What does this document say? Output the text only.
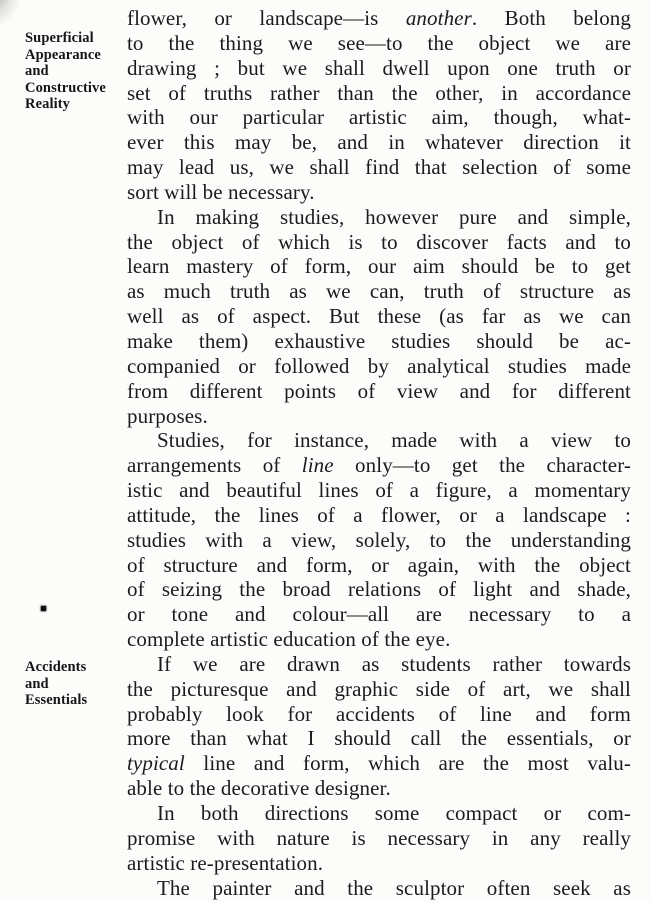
Superficial
Appearance
and
Constructive
Reality
Accidents
and
Essentials
flower, or landscape—is another. Both belong
to the thing we see—to the object we are
drawing ; but we shall dwell upon one truth or
set of truths rather than the other, in accordance
with our particular artistic aim, though, what-
ever this may be, and in whatever direction it
may lead us, we shall find that selection of some
sort will be necessary.
In making studies, however pure and simple,
the object of which is to discover facts and to
learn mastery of form, our aim should be to get
as much truth as we can, truth of structure as
well as of aspect. But these (as far as we can
make them) exhaustive studies should be ac-
companied or followed by analytical studies made
from different points of view and for different
purposes.
Studies, for instance, made with a view to
arrangements of line only—to get the character-
istic and beautiful lines of a figure, a momentary
attitude, the lines of a flower, or a landscape :
studies with a view, solely, to the understanding
of structure and form, or again, with the object
of seizing the broad relations of light and shade,
or tone and colour—all are necessary to a
complete artistic education of the eye.
If we are drawn as students rather towards
the picturesque and graphic side of art, we shall
probably look for accidents of line and form
more than what I should call the essentials, or
typical line and form, which are the most valu-
able to the decorative designer.
In both directions some compact or com-
promise with nature is necessary in any really
artistic re-presentation.
The painter and the sculptor often seek as
